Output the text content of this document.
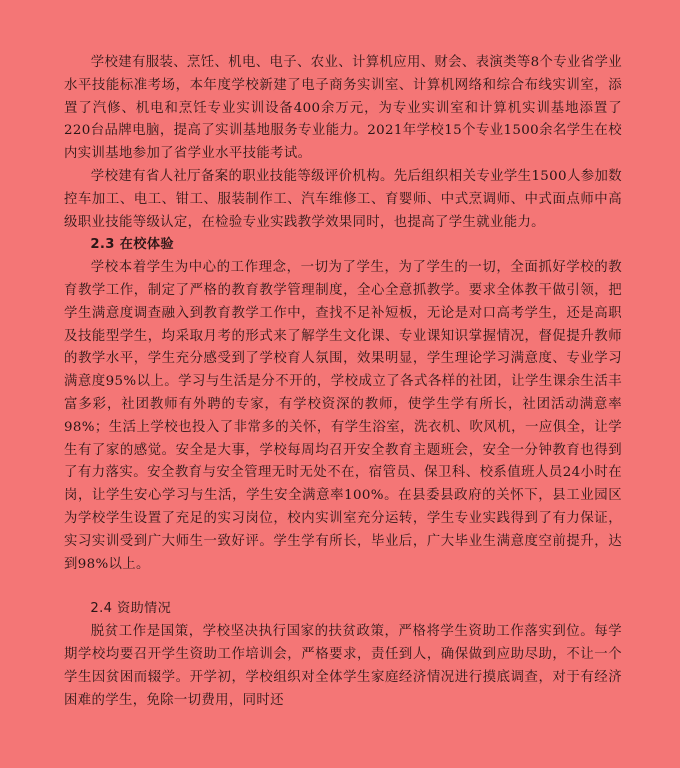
学校建有服装、烹饪、机电、电子、农业、计算机应用、财会、表演类等8个专业省学业水平技能标准考场，本年度学校新建了电子商务实训室、计算机网络和综合布线实训室，添置了汽修、机电和烹饪专业实训设备400余万元，为专业实训室和计算机实训基地添置了220台品牌电脑，提高了实训基地服务专业能力。2021年学校15个专业1500余名学生在校内实训基地参加了省学业水平技能考试。

学校建有省人社厅备案的职业技能等级评价机构。先后组织相关专业学生1500人参加数控车加工、电工、钳工、服装制作工、汽车维修工、育婴师、中式烹调师、中式面点师中高级职业技能等级认定，在检验专业实践教学效果同时，也提高了学生就业能力。

2.3 在校体验

学校本着学生为中心的工作理念，一切为了学生，为了学生的一切，全面抓好学校的教育教学工作，制定了严格的教育教学管理制度，全心全意抓教学。要求全体教干做引领，把学生满意度调查融入到教育教学工作中，查找不足补短板，无论是对口高考学生，还是高职及技能型学生，均采取月考的形式来了解学生文化课、专业课知识掌握情况，督促提升教师的教学水平，学生充分感受到了学校育人氛围，效果明显，学生理论学习满意度、专业学习满意度95%以上。学习与生活是分不开的，学校成立了各式各样的社团，让学生课余生活丰富多彩，社团教师有外聘的专家，有学校资深的教师，使学生学有所长，社团活动满意率98%；生活上学校也投入了非常多的关怀，有学生浴室，洗衣机、吹风机，一应俱全，让学生有了家的感觉。安全是大事，学校每周均召开安全教育主题班会，安全一分钟教育也得到了有力落实。安全教育与安全管理无时无处不在，宿管员、保卫科、校系值班人员24小时在岗，让学生安心学习与生活，学生安全满意率100%。在县委县政府的关怀下，县工业园区为学校学生设置了充足的实习岗位，校内实训室充分运转，学生专业实践得到了有力保证，实习实训受到广大师生一致好评。学生学有所长，毕业后，广大毕业生满意度空前提升，达到98%以上。

2.4 资助情况

脱贫工作是国策，学校坚决执行国家的扶贫政策，严格将学生资助工作落实到位。每学期学校均要召开学生资助工作培训会，严格要求，责任到人，确保做到应助尽助，不让一个学生因贫困而辍学。开学初，学校组织对全体学生家庭经济情况进行摸底调查，对于有经济困难的学生，免除一切费用，同时还
